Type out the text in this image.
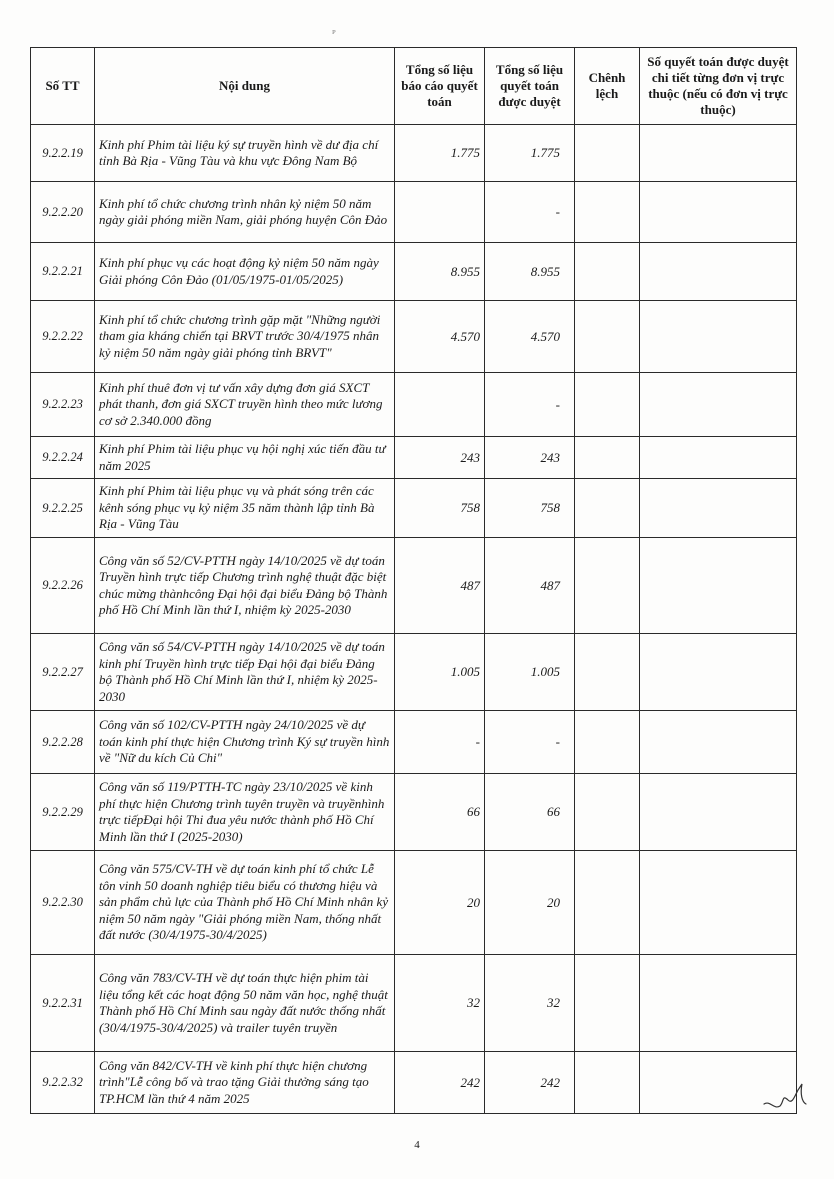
ᴾ
Số TT	Nội dung	Tổng số liệu báo cáo quyết toán	Tổng số liệu quyết toán được duyệt	Chênh lệch	Số quyết toán được duyệt chi tiết từng đơn vị trực thuộc (nếu có đơn vị trực thuộc)
9.2.2.19	Kinh phí Phim tài liệu ký sự truyền hình về dư địa chí tỉnh Bà Rịa - Vũng Tàu và khu vực Đông Nam Bộ	1.775	1.775		
9.2.2.20	Kinh phí tổ chức chương trình nhân kỷ niệm 50 năm ngày giải phóng miền Nam, giải phóng huyện Côn Đảo		-		
9.2.2.21	Kinh phí phục vụ các hoạt động kỷ niệm 50 năm ngày Giải phóng Côn Đảo (01/05/1975-01/05/2025)	8.955	8.955		
9.2.2.22	Kinh phí tổ chức chương trình gặp mặt "Những người tham gia kháng chiến tại BRVT trước 30/4/1975 nhân kỷ niệm 50 năm ngày giải phóng tỉnh BRVT"	4.570	4.570		
9.2.2.23	Kinh phí thuê đơn vị tư vấn xây dựng đơn giá SXCT phát thanh, đơn giá SXCT truyền hình theo mức lương cơ sở 2.340.000 đồng		-		
9.2.2.24	Kinh phí Phim tài liệu phục vụ hội nghị xúc tiến đầu tư năm 2025	243	243		
9.2.2.25	Kinh phí Phim tài liệu phục vụ và phát sóng trên các kênh sóng phục vụ kỷ niệm 35 năm thành lập tỉnh Bà Rịa - Vũng Tàu	758	758		
9.2.2.26	Công văn số 52/CV-PTTH ngày 14/10/2025 về dự toán Truyền hình trực tiếp Chương trình nghệ thuật đặc biệt chúc mừng thànhcông Đại hội đại biểu Đảng bộ Thành phố Hồ Chí Minh lần thứ I, nhiệm kỳ 2025-2030	487	487		
9.2.2.27	Công văn số 54/CV-PTTH ngày 14/10/2025 về dự toán kinh phí Truyền hình trực tiếp Đại hội đại biểu Đảng bộ Thành phố Hồ Chí Minh lần thứ I, nhiệm kỳ 2025-2030	1.005	1.005		
9.2.2.28	Công văn số 102/CV-PTTH ngày 24/10/2025 về dự toán kinh phí thực hiện Chương trình Ký sự truyền hình về "Nữ du kích Củ Chi"	-	-		
9.2.2.29	Công văn số 119/PTTH-TC ngày 23/10/2025 về kinh phí thực hiện Chương trình tuyên truyền và truyềnhình trực tiếpĐại hội Thi đua yêu nước thành phố Hồ Chí Minh lần thứ I (2025-2030)	66	66		
9.2.2.30	Công văn 575/CV-TH về dự toán kinh phí tổ chức Lễ tôn vinh 50 doanh nghiệp tiêu biểu có thương hiệu và sản phẩm chủ lực của Thành phố Hồ Chí Minh nhân kỷ niệm 50 năm ngày "Giải phóng miền Nam, thống nhất đất nước (30/4/1975-30/4/2025)	20	20		
9.2.2.31	Công văn 783/CV-TH về dự toán thực hiện phim tài liệu tổng kết các hoạt động 50 năm văn học, nghệ thuật Thành phố Hồ Chí Minh sau ngày đất nước thống nhất (30/4/1975-30/4/2025) và trailer tuyên truyền	32	32		
9.2.2.32	Công văn 842/CV-TH về kinh phí thực hiện chương trình"Lễ công bố và trao tặng Giải thưởng sáng tạo TP.HCM lần thứ 4 năm 2025	242	242		
4
